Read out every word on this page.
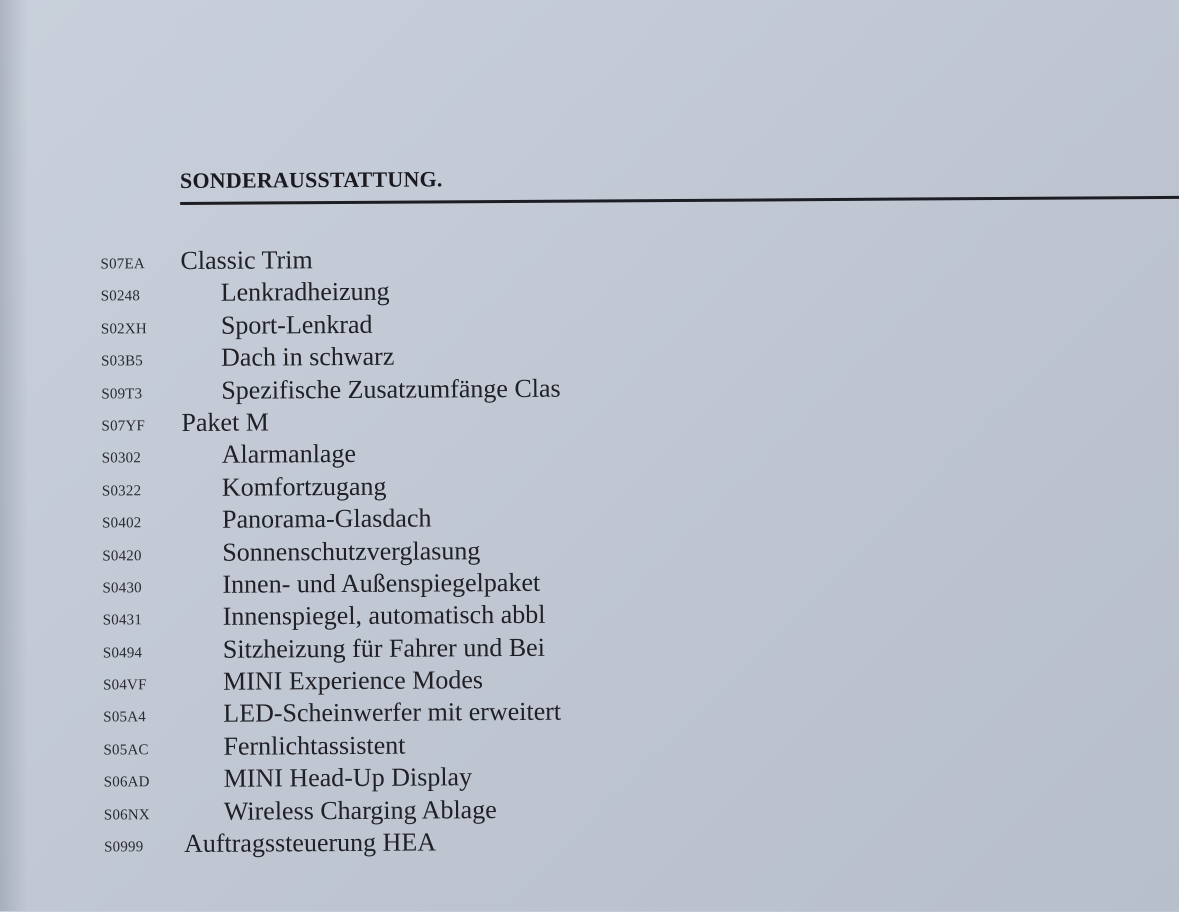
SONDERAUSSTATTUNG.
S07EA Classic Trim
S0248	Lenkradheizung
S02XH	Sport-Lenkrad
S03B5	Dach in schwarz
S09T3	Spezifische Zusatzumfänge Clas
S07YF Paket M
S0302	Alarmanlage
S0322	Komfortzugang
S0402	Panorama-Glasdach
S0420	Sonnenschutzverglasung
S0430	Innen- und Außenspiegelpaket
S0431	Innenspiegel, automatisch abbl
S0494	Sitzheizung für Fahrer und Bei
S04VF	MINI Experience Modes
S05A4	LED-Scheinwerfer mit erweitert
S05AC	Fernlichtassistent
S06AD	MINI Head-Up Display
S06NX	Wireless Charging Ablage
S0999 Auftragssteuerung HEA
